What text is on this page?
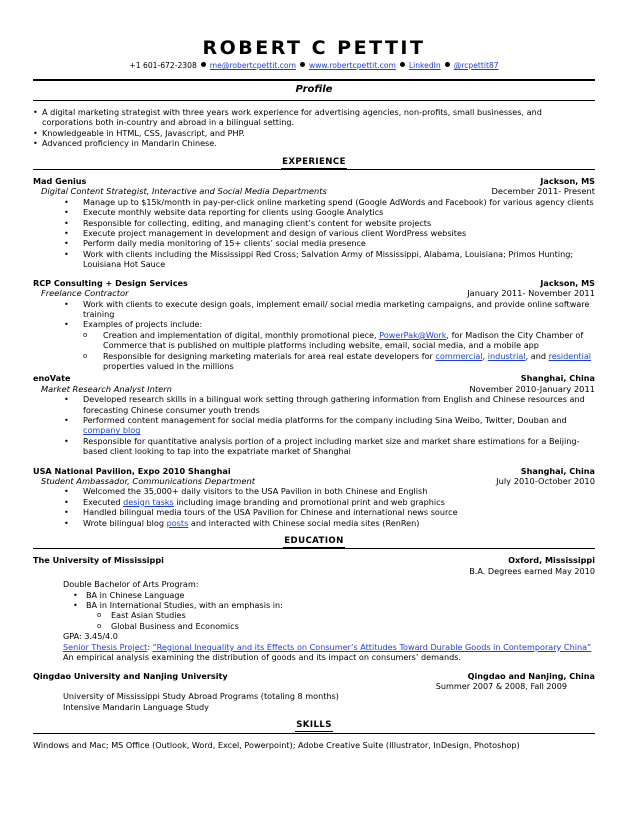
ROBERT C PETTIT
+1 601-672-2308 me@robertcpettit.com www.robertcpettit.com LinkedIn @rcpettit87
Profile
• A digital marketing strategist with three years work experience for advertising agencies, non-profits, small businesses, and corporations both in-country and abroad in a bilingual setting.
• Knowledgeable in HTML, CSS, Javascript, and PHP.
• Advanced proficiency in Mandarin Chinese.
EXPERIENCE
Mad Genius	Jackson, MS
Digital Content Strategist, Interactive and Social Media Departments	December 2011- Present
• Manage up to $15k/month in pay-per-click online marketing spend (Google AdWords and Facebook) for various agency clients
• Execute monthly website data reporting for clients using Google Analytics
• Responsible for collecting, editing, and managing client’s content for website projects
• Execute project management in development and design of various client WordPress websites
• Perform daily media monitoring of 15+ clients’ social media presence
• Work with clients including the Mississippi Red Cross; Salvation Army of Mississippi, Alabama, Louisiana; Primos Hunting; Louisiana Hot Sauce
RCP Consulting + Design Services	Jackson, MS
Freelance Contractor	January 2011- November 2011
• Work with clients to execute design goals, implement email/ social media marketing campaigns, and provide online software training
• Examples of projects include:
o Creation and implementation of digital, monthly promotional piece, PowerPak@Work, for Madison the City Chamber of Commerce that is published on multiple platforms including website, email, social media, and a mobile app
o Responsible for designing marketing materials for area real estate developers for commercial, industrial, and residential properties valued in the millions
enoVate	Shanghai, China
Market Research Analyst Intern	November 2010-January 2011
• Developed research skills in a bilingual work setting through gathering information from English and Chinese resources and forecasting Chinese consumer youth trends
• Performed content management for social media platforms for the company including Sina Weibo, Twitter, Douban and company blog
• Responsible for quantitative analysis portion of a project including market size and market share estimations for a Beijing-based client looking to tap into the expatriate market of Shanghai
USA National Pavilion, Expo 2010 Shanghai	Shanghai, China
Student Ambassador, Communications Department	July 2010-October 2010
• Welcomed the 35,000+ daily visitors to the USA Pavilion in both Chinese and English
• Executed design tasks including image branding and promotional print and web graphics
• Handled bilingual media tours of the USA Pavilion for Chinese and international news source
• Wrote bilingual blog posts and interacted with Chinese social media sites (RenRen)
EDUCATION
The University of Mississippi	Oxford, Mississippi
B.A. Degrees earned May 2010
Double Bachelor of Arts Program:
• BA in Chinese Language
• BA in International Studies, with an emphasis in:
o East Asian Studies
o Global Business and Economics
GPA: 3.45/4.0
Senior Thesis Project: “Regional Inequality and its Effects on Consumer’s Attitudes Toward Durable Goods in Contemporary China” An empirical analysis examining the distribution of goods and its impact on consumers’ demands.
Qingdao University and Nanjing University	Qingdao and Nanjing, China
Summer 2007 & 2008, Fall 2009
University of Mississippi Study Abroad Programs (totaling 8 months)
Intensive Mandarin Language Study
SKILLS
Windows and Mac; MS Office (Outlook, Word, Excel, Powerpoint); Adobe Creative Suite (Illustrator, InDesign, Photoshop)
